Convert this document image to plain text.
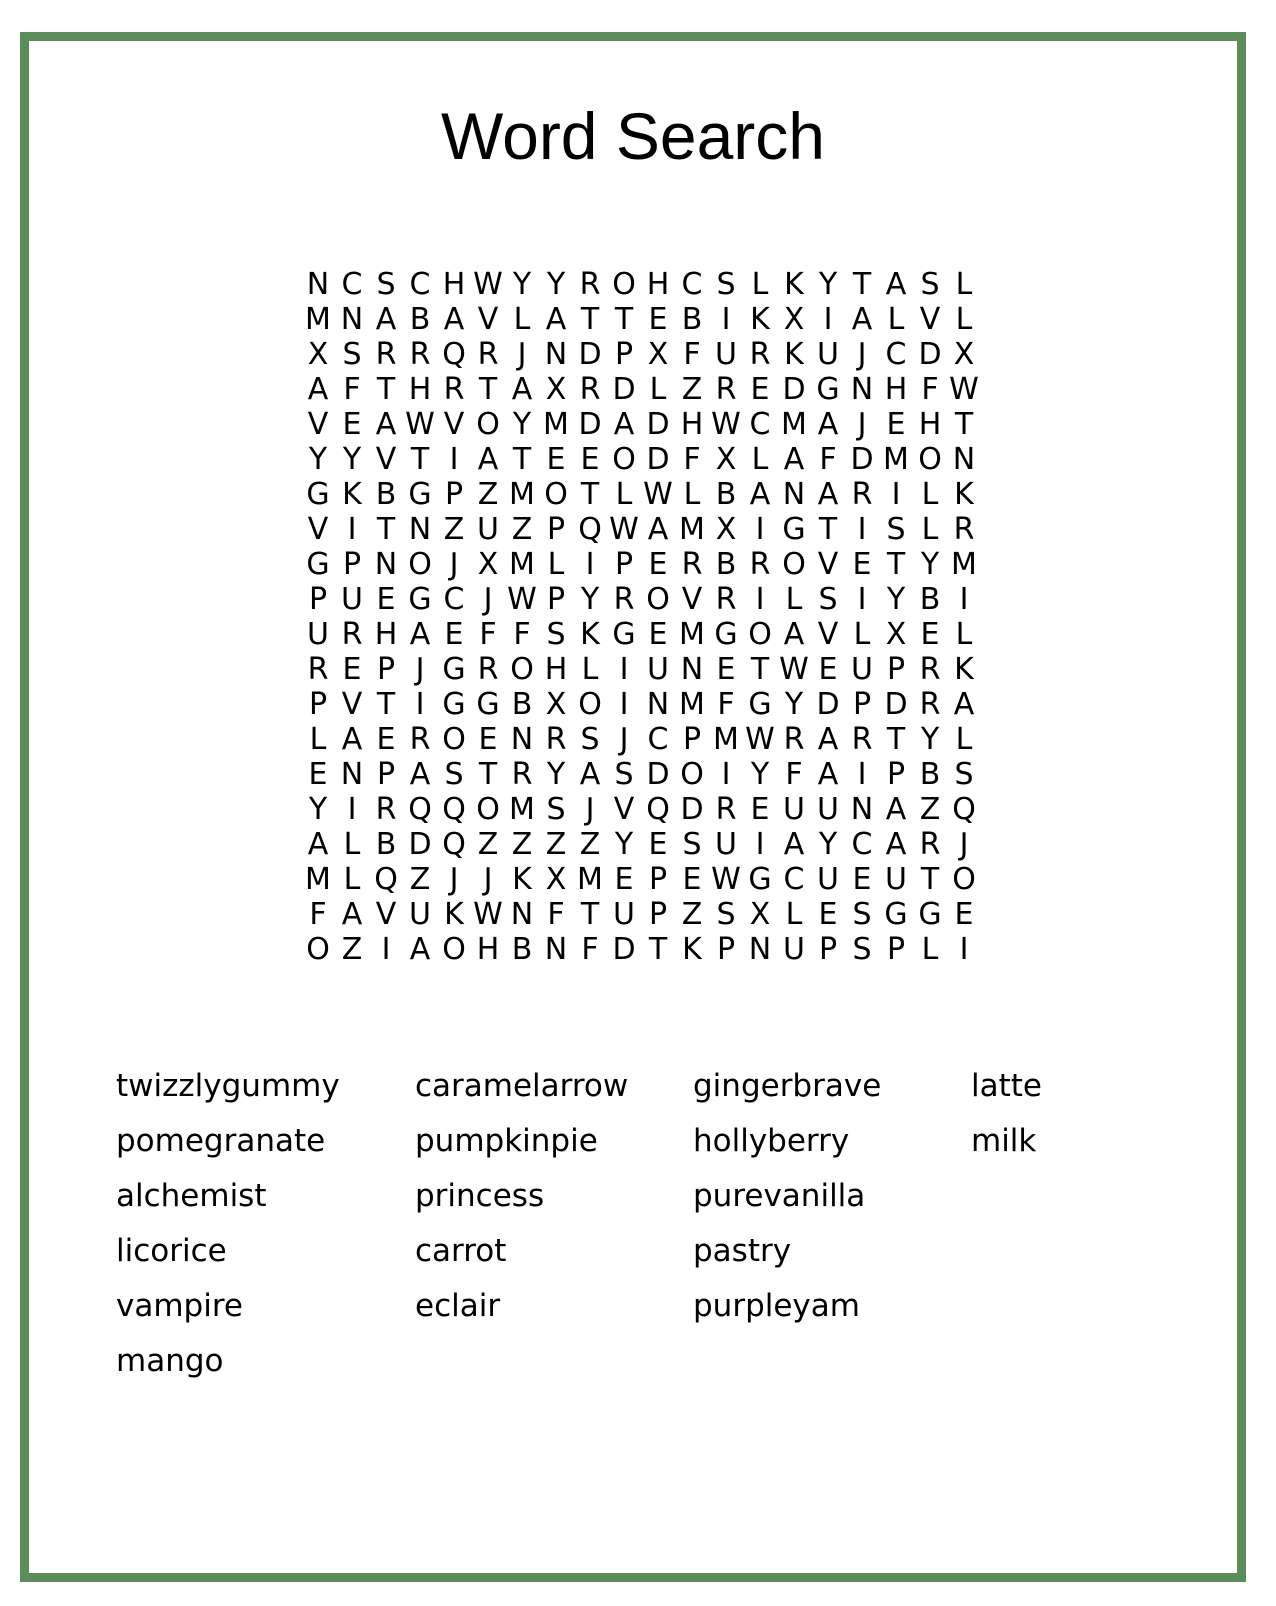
Word Search
N C S C H W Y Y R O H C S L K Y T A S L
M N A B A V L A T T E B I K X I A L V L
X S R R Q R J N D P X F U R K U J C D X
A F T H R T A X R D L Z R E D G N H F W
V E A W V O Y M D A D H W C M A J E H T
Y Y V T I A T E E O D F X L A F D M O N
G K B G P Z M O T L W L B A N A R I L K
V I T N Z U Z P Q W A M X I G T I S L R
G P N O J X M L I P E R B R O V E T Y M
P U E G C J W P Y R O V R I L S I Y B I
U R H A E F F S K G E M G O A V L X E L
R E P J G R O H L I U N E T W E U P R K
P V T I G G B X O I N M F G Y D P D R A
L A E R O E N R S J C P M W R A R T Y L
E N P A S T R Y A S D O I Y F A I P B S
Y I R Q Q O M S J V Q D R E U U N A Z Q
A L B D Q Z Z Z Z Y E S U I A Y C A R J
M L Q Z J J K X M E P E W G C U E U T O
F A V U K W N F T U P Z S X L E S G G E
O Z I A O H B N F D T K P N U P S P L I
twizzlygummy
pomegranate
alchemist
licorice
vampire
mango
caramelarrow
pumpkinpie
princess
carrot
eclair
gingerbrave
hollyberry
purevanilla
pastry
purpleyam
latte
milk
